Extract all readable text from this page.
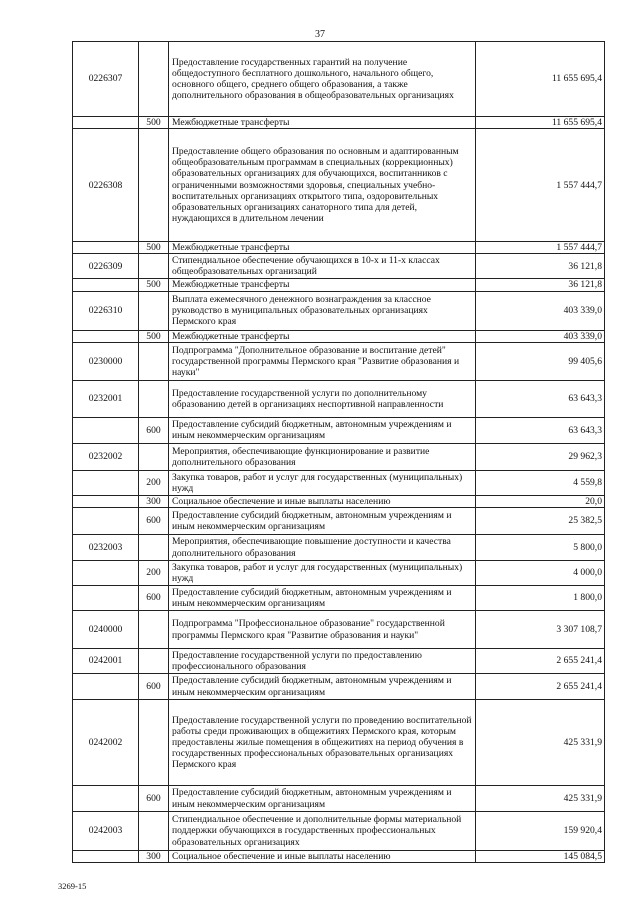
37
0226307		Предоставление государственных гарантий на получение общедоступного бесплатного дошкольного, начального общего, основного общего, среднего общего образования, а также дополнительного образования в общеобразовательных организациях	11 655 695,4
	500	Межбюджетные трансферты	11 655 695,4
0226308		Предоставление общего образования по основным и адаптированным общеобразовательным программам в специальных (коррекционных) образовательных организациях для обучающихся, воспитанников с ограниченными возможностями здоровья, специальных учебно-воспитательных организациях открытого типа, оздоровительных образовательных организациях санаторного типа для детей, нуждающихся в длительном лечении	1 557 444,7
	500	Межбюджетные трансферты	1 557 444,7
0226309		Стипендиальное обеспечение обучающихся в 10-х и 11-х классах общеобразовательных организаций	36 121,8
	500	Межбюджетные трансферты	36 121,8
0226310		Выплата ежемесячного денежного вознаграждения за классное руководство в муниципальных образовательных организациях Пермского края	403 339,0
	500	Межбюджетные трансферты	403 339,0
0230000		Подпрограмма "Дополнительное образование и воспитание детей" государственной программы Пермского края "Развитие образования и науки"	99 405,6
0232001		Предоставление государственной услуги по дополнительному образованию детей в организациях неспортивной направленности	63 643,3
	600	Предоставление субсидий бюджетным, автономным учреждениям и иным некоммерческим организациям	63 643,3
0232002		Мероприятия, обеспечивающие функционирование и развитие дополнительного образования	29 962,3
	200	Закупка товаров, работ и услуг для государственных (муниципальных) нужд	4 559,8
	300	Социальное обеспечение и иные выплаты населению	20,0
	600	Предоставление субсидий бюджетным, автономным учреждениям и иным некоммерческим организациям	25 382,5
0232003		Мероприятия, обеспечивающие повышение доступности и качества дополнительного образования	5 800,0
	200	Закупка товаров, работ и услуг для государственных (муниципальных) нужд	4 000,0
	600	Предоставление субсидий бюджетным, автономным учреждениям и иным некоммерческим организациям	1 800,0
0240000		Подпрограмма "Профессиональное образование" государственной программы Пермского края "Развитие образования и науки"	3 307 108,7
0242001		Предоставление государственной услуги по предоставлению профессионального образования	2 655 241,4
	600	Предоставление субсидий бюджетным, автономным учреждениям и иным некоммерческим организациям	2 655 241,4
0242002		Предоставление государственной услуги по проведению воспитательной работы среди проживающих в общежитиях Пермского края, которым предоставлены жилые помещения в общежитиях на период обучения в государственных профессиональных образовательных организациях Пермского края	425 331,9
	600	Предоставление субсидий бюджетным, автономным учреждениям и иным некоммерческим организациям	425 331,9
0242003		Стипендиальное обеспечение и дополнительные формы материальной поддержки обучающихся в государственных профессиональных образовательных организациях	159 920,4
	300	Социальное обеспечение и иные выплаты населению	145 084,5
3269-15
